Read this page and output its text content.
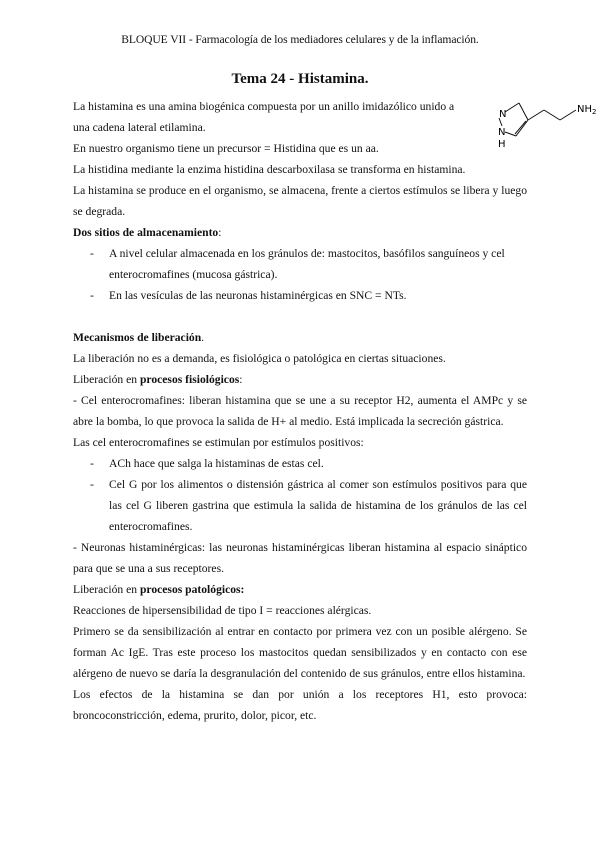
BLOQUE VII - Farmacología de los mediadores celulares y de la inflamación.
Tema 24 - Histamina.
N
N
H
$NH_2$

La histamina es una amina biogénica compuesta por un anillo imidazólico unido a

una cadena lateral etilamina.

En nuestro organismo tiene un precursor = Histidina que es un aa.

La histidina mediante la enzima histidina descarboxilasa se transforma en histamina.

La histamina se produce en el organismo, se almacena, frente a ciertos estímulos se libera y luego se degrada.

Dos sitios de almacenamiento:

- A nivel celular almacenada en los gránulos de: mastocitos, basófilos sanguíneos y cel enterocromafines (mucosa gástrica).

- En las vesículas de las neuronas histaminérgicas en SNC = NTs.

Mecanismos de liberación.

La liberación no es a demanda, es fisiológica o patológica en ciertas situaciones.

Liberación en procesos fisiológicos:

- Cel enterocromafines: liberan histamina que se une a su receptor H2, aumenta el AMPc y se abre la bomba, lo que provoca la salida de H+ al medio. Está implicada la secreción gástrica.

Las cel enterocromafines se estimulan por estímulos positivos:

- ACh hace que salga la histaminas de estas cel.

- Cel G por los alimentos o distensión gástrica al comer son estímulos positivos para que las cel G liberen gastrina que estimula la salida de histamina de los gránulos de las cel enterocromafines.

- Neuronas histaminérgicas: las neuronas histaminérgicas liberan histamina al espacio sináptico para que se una a sus receptores.

Liberación en procesos patológicos:

Reacciones de hipersensibilidad de tipo I = reacciones alérgicas.

Primero se da sensibilización al entrar en contacto por primera vez con un posible alérgeno. Se forman Ac IgE. Tras este proceso los mastocitos quedan sensibilizados y en contacto con ese alérgeno de nuevo se daría la desgranulación del contenido de sus gránulos, entre ellos histamina.

Los efectos de la histamina se dan por unión a los receptores H1, esto provoca: broncoconstricción, edema, prurito, dolor, picor, etc.
